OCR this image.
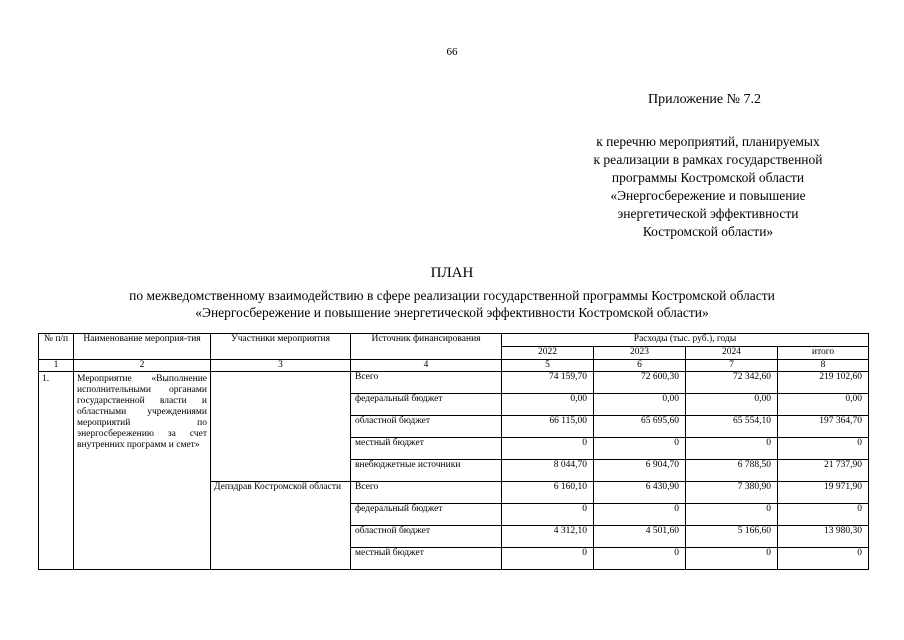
66
Приложение № 7.2
к перечню мероприятий, планируемых
к реализации в рамках государственной
программы Костромской области
«Энергосбережение и повышение
энергетической эффективности
Костромской области»
ПЛАН
по межведомственному взаимодействию в сфере реализации государственной программы Костромской области
«Энергосбережение и повышение энергетической эффективности Костромской области»
№ п/п	Наименование мероприя-тия	Участники мероприятия	Источник финансирования	Расходы (тыс. руб.), годы			
				2022	2023	2024	итого
1	2	3	4	5	6	7	8
1.	Мероприятие «Выполнение исполнительными органами государственной власти и областными учреждениями мероприятий по энергосбережению за счет внутренних программ и смет»		Всего	74 159,70	72 600,30	72 342,60	219 102,60
			федеральный бюджет	0,00	0,00	0,00	0,00
			областной бюджет	66 115,00	65 695,60	65 554,10	197 364,70
			местный бюджет	0	0	0	0
			внебюджетные источники	8 044,70	6 904,70	6 788,50	21 737,90
		Депздрав Костромской области	Всего	6 160,10	6 430,90	7 380,90	19 971,90
			федеральный бюджет	0	0	0	0
			областной бюджет	4 312,10	4 501,60	5 166,60	13 980,30
			местный бюджет	0	0	0	0
